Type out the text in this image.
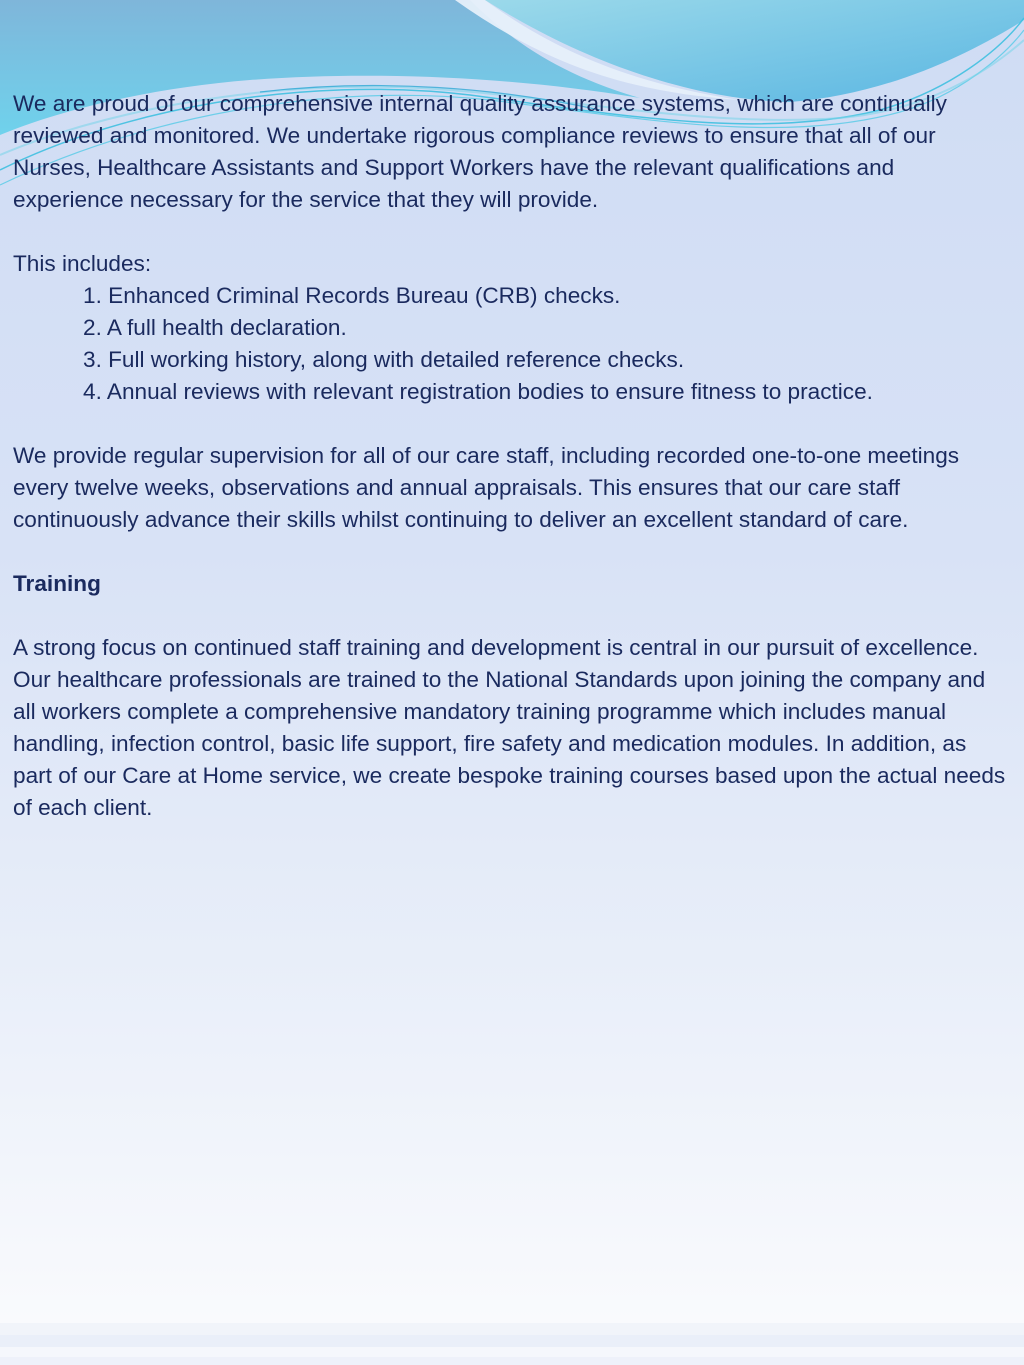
We are proud of our comprehensive internal quality assurance systems, which are continually reviewed and monitored. We undertake rigorous compliance reviews to ensure that all of our Nurses, Healthcare Assistants and Support Workers have the relevant qualifications and experience necessary for the service that they will provide.

This includes:

1. Enhanced Criminal Records Bureau (CRB) checks.

2. A full health declaration.

3. Full working history, along with detailed reference checks.

4. Annual reviews with relevant registration bodies to ensure fitness to practice.

We provide regular supervision for all of our care staff, including recorded one-to-one meetings every twelve weeks, observations and annual appraisals. This ensures that our care staff continuously advance their skills whilst continuing to deliver an excellent standard of care.

Training

A strong focus on continued staff training and development is central in our pursuit of excellence. Our healthcare professionals are trained to the National Standards upon joining the company and all workers complete a comprehensive mandatory training programme which includes manual handling, infection control, basic life support, fire safety and medication modules. In addition, as part of our Care at Home service, we create bespoke training courses based upon the actual needs of each client.
